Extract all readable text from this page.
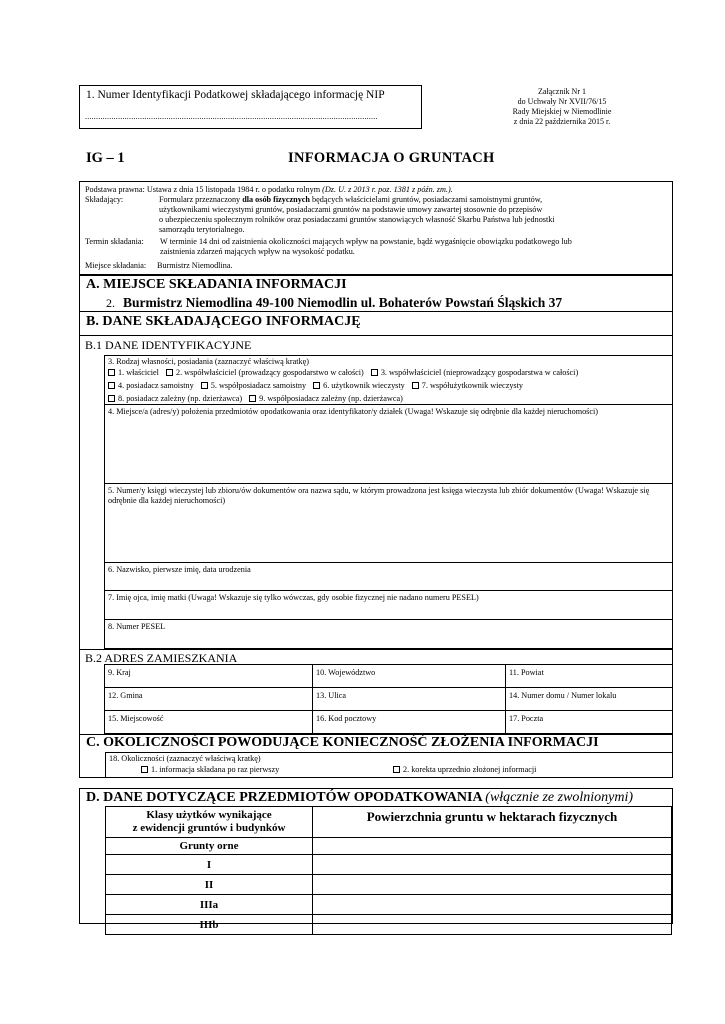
1. Numer Identyfikacji Podatkowej składającego informację NIP
.....................................................................................................................................
Załącznik Nr 1
do Uchwały Nr XVII/76/15
Rady Miejskiej w Niemodlinie
z dnia 22 października 2015 r.
IG – 1	INFORMACJA O GRUNTACH
Podstawa prawna: Ustawa z dnia 15 listopada 1984 r. o podatku rolnym (Dz. U. z 2013 r. poz. 1381 z późn. zm.).
Składający:	Formularz przeznaczony dla osób fizycznych będących właścicielami gruntów, posiadaczami samoistnymi gruntów,
użytkownikami wieczystymi gruntów, posiadaczami gruntów na podstawie umowy zawartej stosownie do przepisów
o ubezpieczeniu społecznym rolników oraz posiadaczami gruntów stanowiących własność Skarbu Państwa lub jednostki
samorządu terytorialnego.
Termin składania: W terminie 14 dni od zaistnienia okoliczności mających wpływ na powstanie, bądź wygaśnięcie obowiązku podatkowego lub
zaistnienia zdarzeń mających wpływ na wysokość podatku.
Miejsce składania: Burmistrz Niemodlina.
A. MIEJSCE SKŁADANIA INFORMACJI
2. Burmistrz Niemodlina 49-100 Niemodlin ul. Bohaterów Powstań Śląskich 37
B. DANE SKŁADAJĄCEGO INFORMACJĘ
B.1 DANE IDENTYFIKACYJNE
3. Rodzaj własności, posiadania (zaznaczyć właściwą kratkę)
1. właściciel 2. współwłaściciel (prowadzący gospodarstwo w całości) 3. współwłaściciel (nieprowadzący gospodarstwa w całości)
4. posiadacz samoistny 5. współposiadacz samoistny 6. użytkownik wieczysty 7. współużytkownik wieczysty
8. posiadacz zależny (np. dzierżawca) 9. współposiadacz zależny (np. dzierżawca)
4. Miejsce/a (adres/y) położenia przedmiotów opodatkowania oraz identyfikator/y działek (Uwaga! Wskazuje się odrębnie dla każdej nieruchomości)
5. Numer/y księgi wieczystej lub zbioru/ów dokumentów ora nazwa sądu, w którym prowadzona jest księga wieczysta lub zbiór dokumentów (Uwaga! Wskazuje się odrębnie dla każdej nieruchomości)
6. Nazwisko, pierwsze imię, data urodzenia
7. Imię ojca, imię matki (Uwaga! Wskazuje się tylko wówczas, gdy osobie fizycznej nie nadano numeru PESEL)
8. Numer PESEL
B.2 ADRES ZAMIESZKANIA
9. Kraj	10. Województwo	11. Powiat
12. Gmina	13. Ulica	14. Numer domu / Numer lokalu
15. Miejscowość	16. Kod pocztowy	17. Poczta
C. OKOLICZNOŚCI POWODUJĄCE KONIECZNOŚĆ ZŁOŻENIA INFORMACJI
18. Okoliczności (zaznaczyć właściwą kratkę)
1. informacja składana po raz pierwszy	2. korekta uprzednio złożonej informacji
D. DANE DOTYCZĄCE PRZEDMIOTÓW OPODATKOWANIA (włącznie ze zwolnionymi)
Klasy użytków wynikające
z ewidencji gruntów i budynków	Powierzchnia gruntu w hektarach fizycznych
Grunty orne	
I	
II	
IIIa	
IIIb	
